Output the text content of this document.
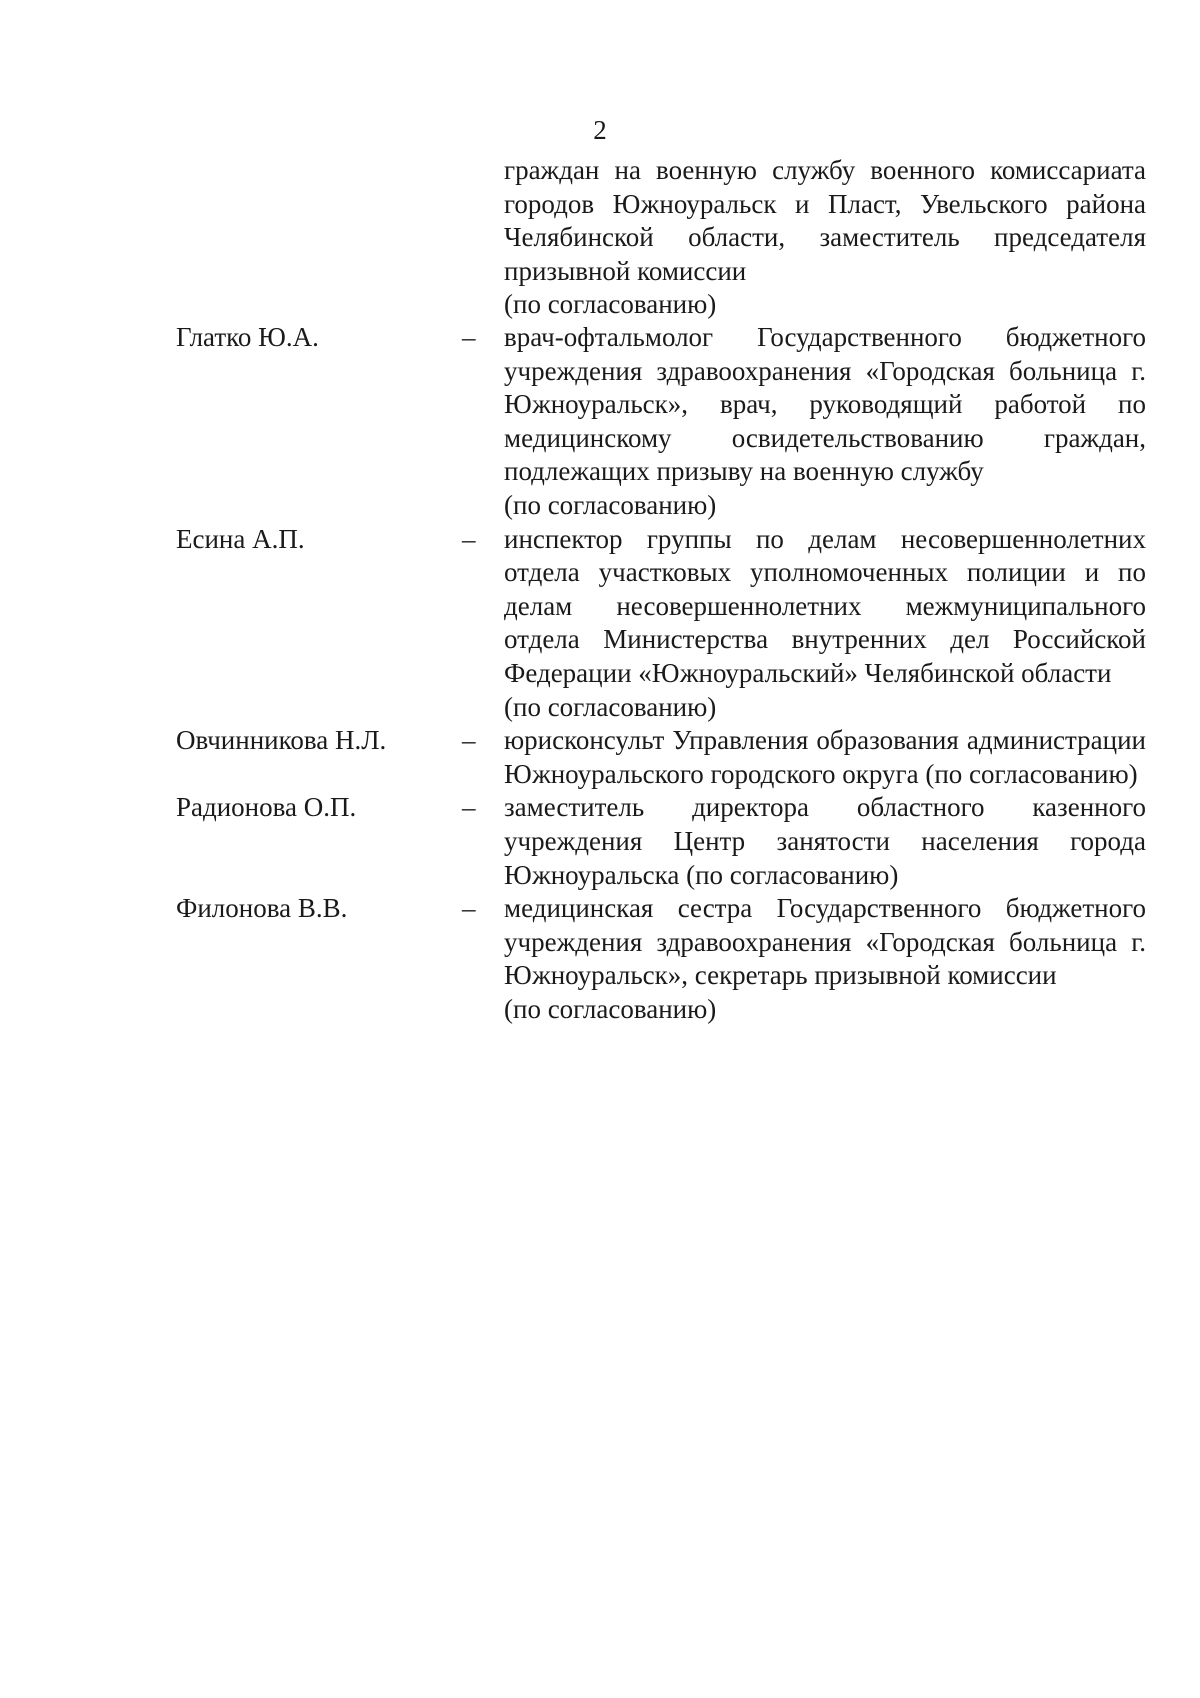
2
граждан на военную службу военного комиссариата городов Южноуральск и Пласт, Увельского района Челябинской области, заместитель председателя призывной комиссии
(по согласованию)
Глатко Ю.А.	– врач-офтальмолог Государственного бюджетного учреждения здравоохранения «Городская больница г. Южноуральск», врач, руководящий работой по медицинскому освидетельствованию граждан, подлежащих призыву на военную службу
(по согласованию)
Есина А.П.	– инспектор группы по делам несовершеннолетних отдела участковых уполномоченных полиции и по делам несовершеннолетних межмуниципального отдела Министерства внутренних дел Российской Федерации «Южноуральский» Челябинской области
(по согласованию)
Овчинникова Н.Л.	– юрисконсульт Управления образования администрации Южноуральского городского округа (по согласованию)
Радионова О.П.	– заместитель директора областного казенного учреждения Центр занятости населения города Южноуральска (по согласованию)
Филонова В.В.	– медицинская сестра Государственного бюджетного учреждения здравоохранения «Городская больница г. Южноуральск», секретарь призывной комиссии
(по согласованию)
